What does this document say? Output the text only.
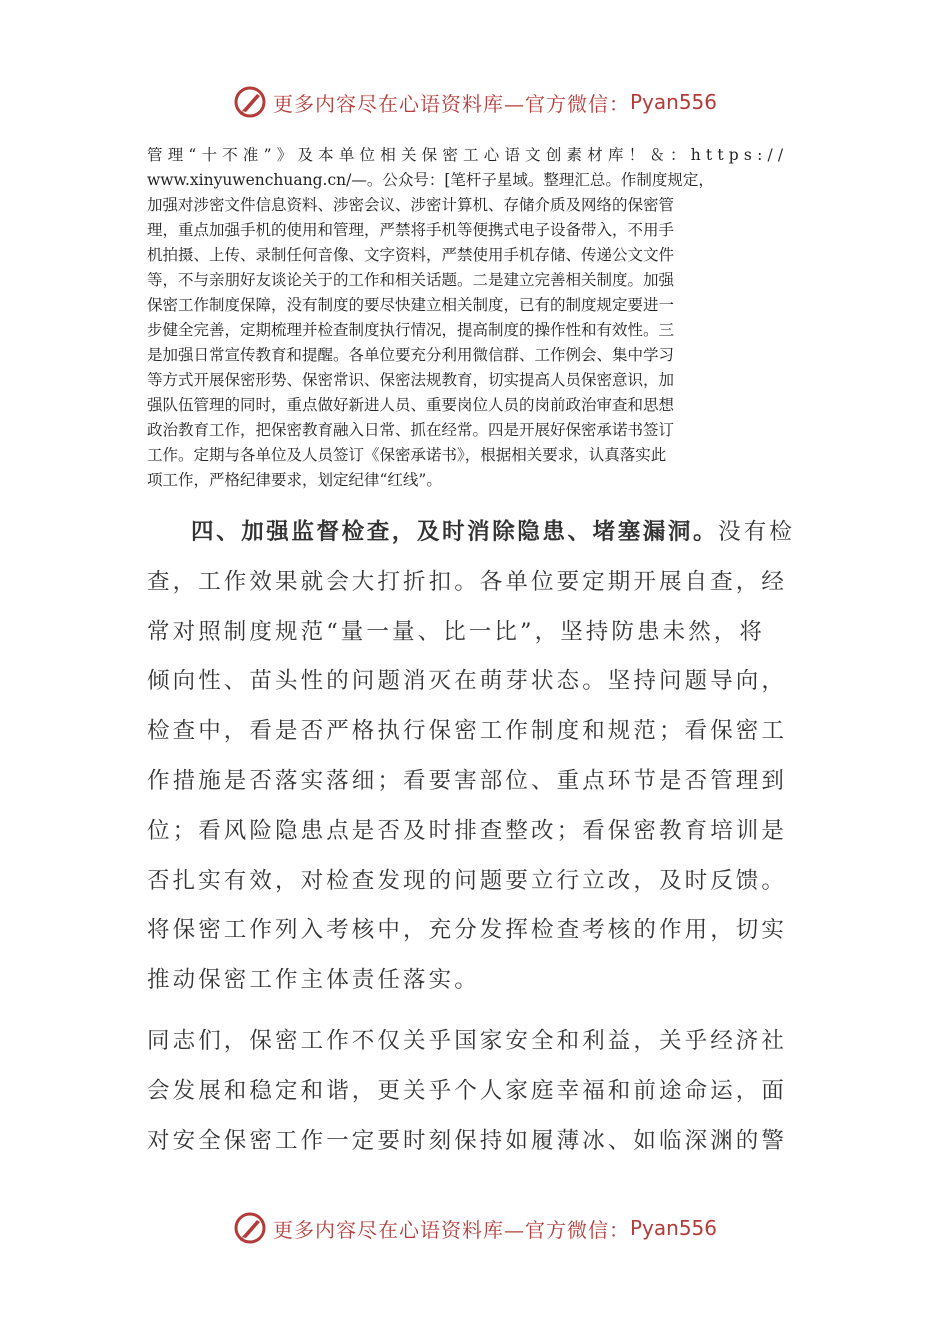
更多内容尽在心语资料库—官方微信： Pyan556
管理“十不准”》及本单位相关保密工心语文创素材库！＆：https://
www.xinyuwenchuang.cn/—。公众号：[笔杆子星域。整理汇总。作制度规定，
加强对涉密文件信息资料、涉密会议、涉密计算机、存储介质及网络的保密管
理，重点加强手机的使用和管理，严禁将手机等便携式电子设备带入，不用手
机拍摄、上传、录制任何音像、文字资料，严禁使用手机存储、传递公文文件
等，不与亲朋好友谈论关于的工作和相关话题。二是建立完善相关制度。加强
保密工作制度保障，没有制度的要尽快建立相关制度，已有的制度规定要进一
步健全完善，定期梳理并检查制度执行情况，提高制度的操作性和有效性。三
是加强日常宣传教育和提醒。各单位要充分利用微信群、工作例会、集中学习
等方式开展保密形势、保密常识、保密法规教育，切实提高人员保密意识，加
强队伍管理的同时，重点做好新进人员、重要岗位人员的岗前政治审查和思想
政治教育工作，把保密教育融入日常、抓在经常。四是开展好保密承诺书签订
工作。定期与各单位及人员签订《保密承诺书》，根据相关要求，认真落实此
项工作，严格纪律要求，划定纪律“红线”。
四、加强监督检查，及时消除隐患、堵塞漏洞。没有检
查，工作效果就会大打折扣。各单位要定期开展自查，经
常对照制度规范“量一量、比一比”，坚持防患未然，将
倾向性、苗头性的问题消灭在萌芽状态。坚持问题导向，
检查中，看是否严格执行保密工作制度和规范；看保密工
作措施是否落实落细；看要害部位、重点环节是否管理到
位；看风险隐患点是否及时排查整改；看保密教育培训是
否扎实有效，对检查发现的问题要立行立改，及时反馈。
将保密工作列入考核中，充分发挥检查考核的作用，切实
推动保密工作主体责任落实。
同志们，保密工作不仅关乎国家安全和利益，关乎经济社
会发展和稳定和谐，更关乎个人家庭幸福和前途命运，面
对安全保密工作一定要时刻保持如履薄冰、如临深渊的警
更多内容尽在心语资料库—官方微信： Pyan556
